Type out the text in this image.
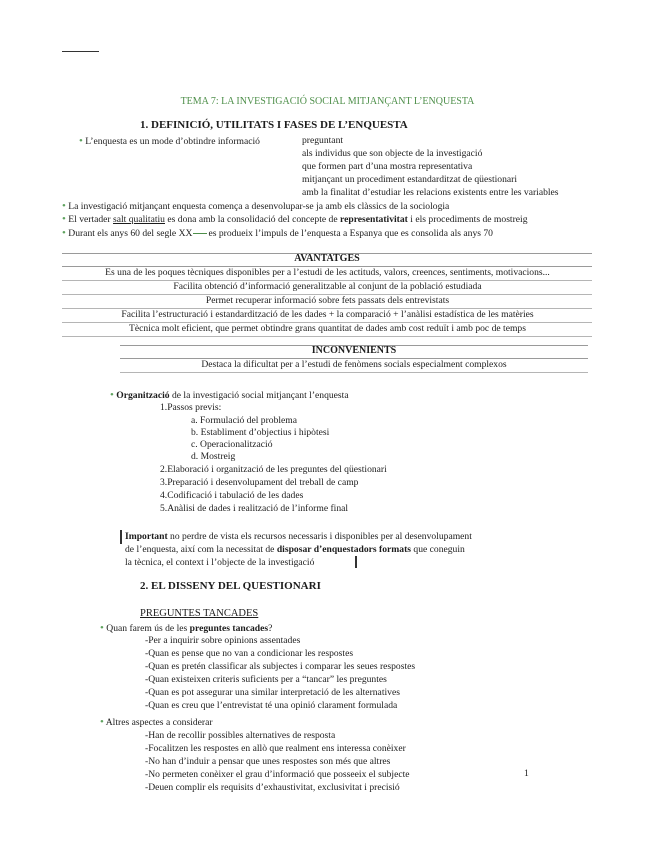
TEMA 7: LA INVESTIGACIÓ SOCIAL MITJANÇANT L’ENQUESTA
1. DEFINICIÓ, UTILITATS I FASES DE L’ENQUESTA
• L’enquesta es un mode d’obtindre informació	preguntant
als individus que son objecte de la investigació
que formen part d’una mostra representativa
mitjançant un procediment estandarditzat de qüestionari
amb la finalitat d’estudiar les relacions existents entre les variables
• La investigació mitjançant enquesta comença a desenvolupar-se ja amb els clàssics de la sociologia
• El vertader salt qualitatiu es dona amb la consolidació del concepte de representativitat i els procediments de mostreig
• Durant els anys 60 del segle XX es produeix l’impuls de l’enquesta a Espanya que es consolida als anys 70
AVANTATGES
Es una de les poques tècniques disponibles per a l’estudi de les actituds, valors, creences, sentiments, motivacions...
Facilita obtenció d’informació generalitzable al conjunt de la població estudiada
Permet recuperar informació sobre fets passats dels entrevistats
Facilita l’estructuració i estandardització de les dades + la comparació + l’anàlisi estadística de les matèries
Tècnica molt eficient, que permet obtindre grans quantitat de dades amb cost reduït i amb poc de temps
INCONVENIENTS
Destaca la dificultat per a l’estudi de fenòmens socials especialment complexos
• Organització de la investigació social mitjançant l’enquesta
1.Passos previs:
a. Formulació del problema
b. Establiment d’objectius i hipòtesi
c. Operacionalització
d. Mostreig
2.Elaboració i organització de les preguntes del qüestionari
3.Preparació i desenvolupament del treball de camp
4.Codificació i tabulació de les dades
5.Anàlisi de dades i realització de l’informe final
Important no perdre de vista els recursos necessaris i disponibles per al desenvolupament
de l’enquesta, així com la necessitat de disposar d’enquestadors formats que coneguin
la tècnica, el context i l’objecte de la investigació
2. EL DISSENY DEL QUESTIONARI
PREGUNTES TANCADES
• Quan farem ús de les preguntes tancades?
-Per a inquirir sobre opinions assentades
-Quan es pense que no van a condicionar les respostes
-Quan es pretén classificar als subjectes i comparar les seues respostes
-Quan existeixen criteris suficients per a “tancar” les preguntes
-Quan es pot assegurar una similar interpretació de les alternatives
-Quan es creu que l’entrevistat té una opinió clarament formulada
• Altres aspectes a considerar
-Han de recollir possibles alternatives de resposta
-Focalitzen les respostes en allò que realment ens interessa conèixer
-No han d’induir a pensar que unes respostes son més que altres
-No permeten conèixer el grau d’informació que posseeix el subjecte
-Deuen complir els requisits d’exhaustivitat, exclusivitat i precisió
1
